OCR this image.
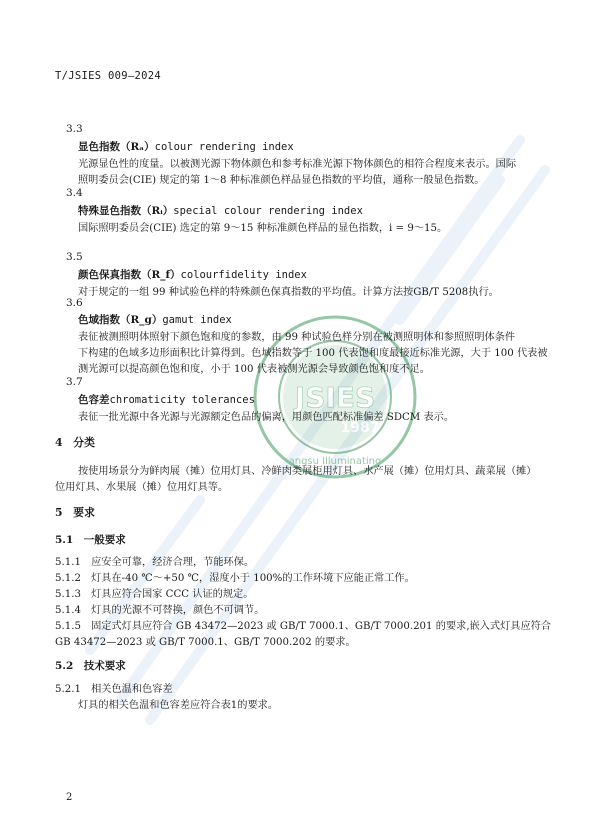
JSIES
1987
angsu Illuminating
T/JSIES 009—2024
3.3
显色指数（Rₐ）colour rendering index
光源显色性的度量。以被测光源下物体颜色和参考标准光源下物体颜色的相符合程度来表示。国际
照明委员会(CIE) 规定的第 1～8 种标准颜色样品显色指数的平均值，通称一般显色指数。
3.4
特殊显色指数（Rᵢ）special colour rendering index
国际照明委员会(CIE) 选定的第 9～15 种标准颜色样品的显色指数，i = 9～15。
3.5
颜色保真指数（R_f）colourfidelity index
对于规定的一组 99 种试验色样的特殊颜色保真指数的平均值。计算方法按GB/T 5208执行。
3.6
色域指数（R_g）gamut index
表征被测照明体照射下颜色饱和度的参数，由 99 种试验色样分别在被测照明体和参照照明体条件
下构建的色域多边形面积比计算得到。色域指数等于 100 代表饱和度最接近标准光源，大于 100 代表被
测光源可以提高颜色饱和度，小于 100 代表被测光源会导致颜色饱和度不足。
3.7
色容差chromaticity tolerances
表征一批光源中各光源与光源额定色品的偏离，用颜色匹配标准偏差 SDCM 表示。
4　分类
按使用场景分为鲜肉展（摊）位用灯具、冷鲜肉类展柜用灯具、水产展（摊）位用灯具、蔬菜展（摊）
位用灯具、水果展（摊）位用灯具等。
5　要求
5.1　一般要求
5.1.1　应安全可靠，经济合理，节能环保。
5.1.2　灯具在-40 ℃～+50 ℃，湿度小于 100%的工作环境下应能正常工作。
5.1.3　灯具应符合国家 CCC 认证的规定。
5.1.4　灯具的光源不可替换，颜色不可调节。
5.1.5　固定式灯具应符合 GB 43472—2023 或 GB/T 7000.1、GB/T 7000.201 的要求,嵌入式灯具应符合
GB 43472—2023 或 GB/T 7000.1、GB/T 7000.202 的要求。
5.2　技术要求
5.2.1　相关色温和色容差
灯具的相关色温和色容差应符合表1的要求。
2
